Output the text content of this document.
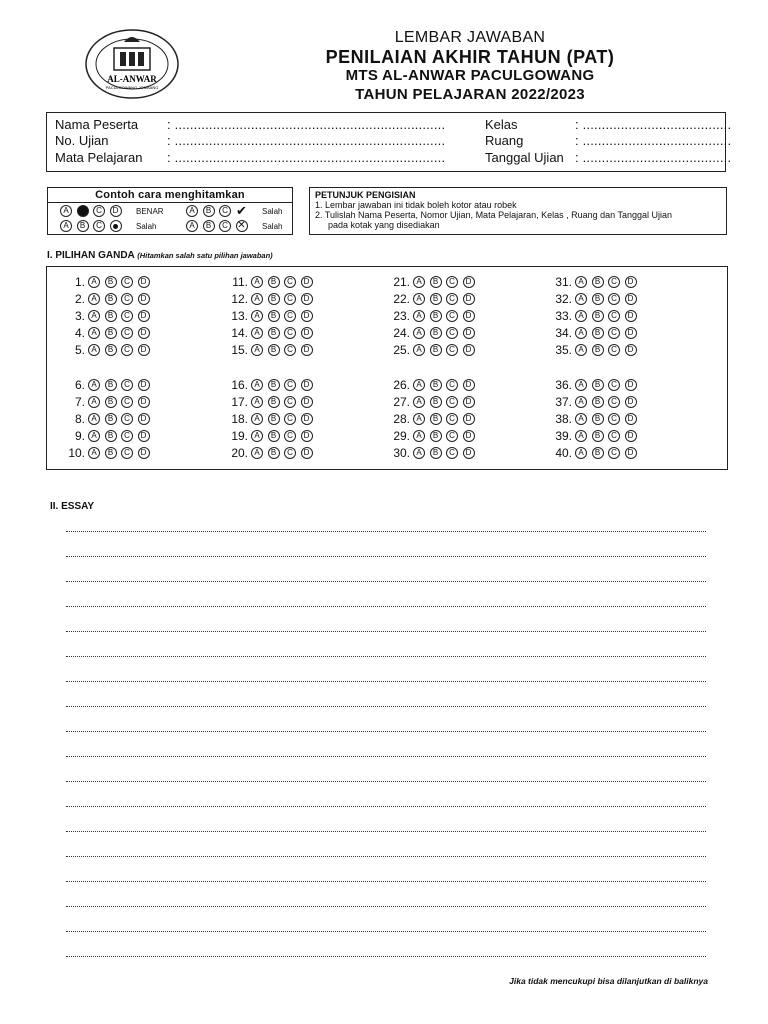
AL-ANWAR
PACULGOWANG-JOMBANG
LEMBAR JAWABAN
PENILAIAN AKHIR TAHUN (PAT)
MTS AL-ANWAR PACULGOWANG
TAHUN PELAJARAN 2022/2023
Nama Peserta : .......................................................................
No. Ujian	: .......................................................................
Mata Pelajaran : .......................................................................
Kelas	: .......................................
Ruang	: .......................................
Tanggal Ujian : .......................................
Contoh cara menghitamkan
A	C	D	BENAR	A	B	C ✔ Salah
A	B	C	Salah	A	B	C ✕ Salah
PETUNJUK PENGISIAN
1. Lembar jawaban ini tidak boleh kotor atau robek
2. Tulislah Nama Peserta, Nomor Ujian, Mata Pelajaran, Kelas , Ruang dan Tanggal Ujian
pada kotak yang disediakan
I. PILIHAN GANDA (Hitamkan salah satu pilihan jawaban)
1. A	B	C	D
2. A	B	C	D
3. A	B	C	D
4. A	B	C	D
5. A	B	C	D
6. A	B	C	D
7. A	B	C	D
8. A	B	C	D
9. A	B	C	D
10. A	B	C	D
11. A	B	C	D
12. A	B	C	D
13. A	B	C	D
14. A	B	C	D
15. A	B	C	D
16. A	B	C	D
17. A	B	C	D
18. A	B	C	D
19. A	B	C	D
20. A	B	C	D
21. A	B	C	D
22. A	B	C	D
23. A	B	C	D
24. A	B	C	D
25. A	B	C	D
26. A	B	C	D
27. A	B	C	D
28. A	B	C	D
29. A	B	C	D
30. A	B	C	D
31. A	B	C	D
32. A	B	C	D
33. A	B	C	D
34. A	B	C	D
35. A	B	C	D
36. A	B	C	D
37. A	B	C	D
38. A	B	C	D
39. A	B	C	D
40. A	B	C	D
II. ESSAY
Jika tidak mencukupi bisa dilanjutkan di baliknya
